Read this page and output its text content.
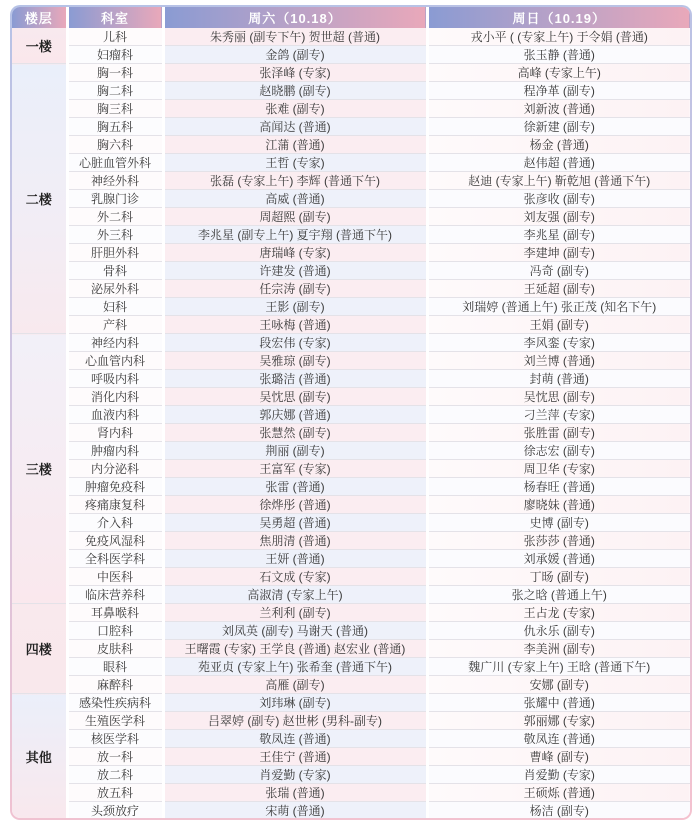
楼层	科室	周六（10.18）	周日（10.19）
一楼	儿科	朱秀丽 (副专下午) 贺世超 (普通)	戎小平 ( (专家上午) 于令娟 (普通)
	妇瘤科	金鸽 (副专)	张玉静 (普通)
二楼	胸一科	张泽峰 (专家)	高峰 (专家上午)
	胸二科	赵晓鹏 (副专)	程净革 (副专)
	胸三科	张难 (副专)	刘新波 (普通)
	胸五科	高闻达 (普通)	徐新建 (副专)
	胸六科	江蒲 (普通)	杨金 (普通)
	心脏血管外科	王哲 (专家)	赵伟超 (普通)
	神经外科	张磊 (专家上午) 李辉 (普通下午)	赵迪 (专家上午) 靳乾旭 (普通下午)
	乳腺门诊	高威 (普通)	张彦收 (副专)
	外二科	周超熙 (副专)	刘友强 (副专)
	外三科	李兆星 (副专上午) 夏宇翔 (普通下午)	李兆星 (副专)
	肝胆外科	唐瑞峰 (专家)	李建坤 (副专)
	骨科	许建发 (普通)	冯奇 (副专)
	泌尿外科	任宗涛 (副专)	王延超 (副专)
	妇科	王影 (副专)	刘瑞婷 (普通上午) 张正茂 (知名下午)
	产科	王咏梅 (普通)	王娟 (副专)
三楼	神经内科	段宏伟 (专家)	李风銮 (专家)
	心血管内科	吴雅琼 (副专)	刘兰博 (普通)
	呼吸内科	张璐洁 (普通)	封萌 (普通)
	消化内科	吴忱思 (副专)	吴忱思 (副专)
	血液内科	郭庆娜 (普通)	刁兰萍 (专家)
	肾内科	张慧然 (副专)	张胜雷 (副专)
	肿瘤内科	荆丽 (副专)	徐志宏 (副专)
	内分泌科	王富军 (专家)	周卫华 (专家)
	肿瘤免疫科	张雷 (普通)	杨春旺 (普通)
	疼痛康复科	徐烨彤 (普通)	廖晓妹 (普通)
	介入科	吴勇超 (普通)	史博 (副专)
	免疫风湿科	焦朋清 (普通)	张莎莎 (普通)
	全科医学科	王妍 (普通)	刘承媛 (普通)
	中医科	石文成 (专家)	丁旸 (副专)
	临床营养科	高淑清 (专家上午)	张之晗 (普通上午)
四楼	耳鼻喉科	兰利利 (副专)	王占龙 (专家)
	口腔科	刘凤英 (副专) 马谢天 (普通)	仇永乐 (副专)
	皮肤科	王曙霞 (专家) 王学良 (普通) 赵宏业 (普通)	李美洲 (副专)
	眼科	苑亚贞 (专家上午) 张希奎 (普通下午)	魏广川 (专家上午) 王晗 (普通下午)
	麻醉科	高雁 (副专)	安娜 (副专)
其他	感染性疾病科	刘玮琳 (副专)	张耀中 (普通)
	生殖医学科	吕翠婷 (副专) 赵世彬 (男科-副专)	郭丽娜 (专家)
	核医学科	敬凤连 (普通)	敬凤连 (普通)
	放一科	王佳宁 (普通)	曹峰 (副专)
	放二科	肖爱勤 (专家)	肖爱勤 (专家)
	放五科	张瑞 (普通)	王硕烁 (普通)
	头颈放疗	宋萌 (普通)	杨洁 (副专)
